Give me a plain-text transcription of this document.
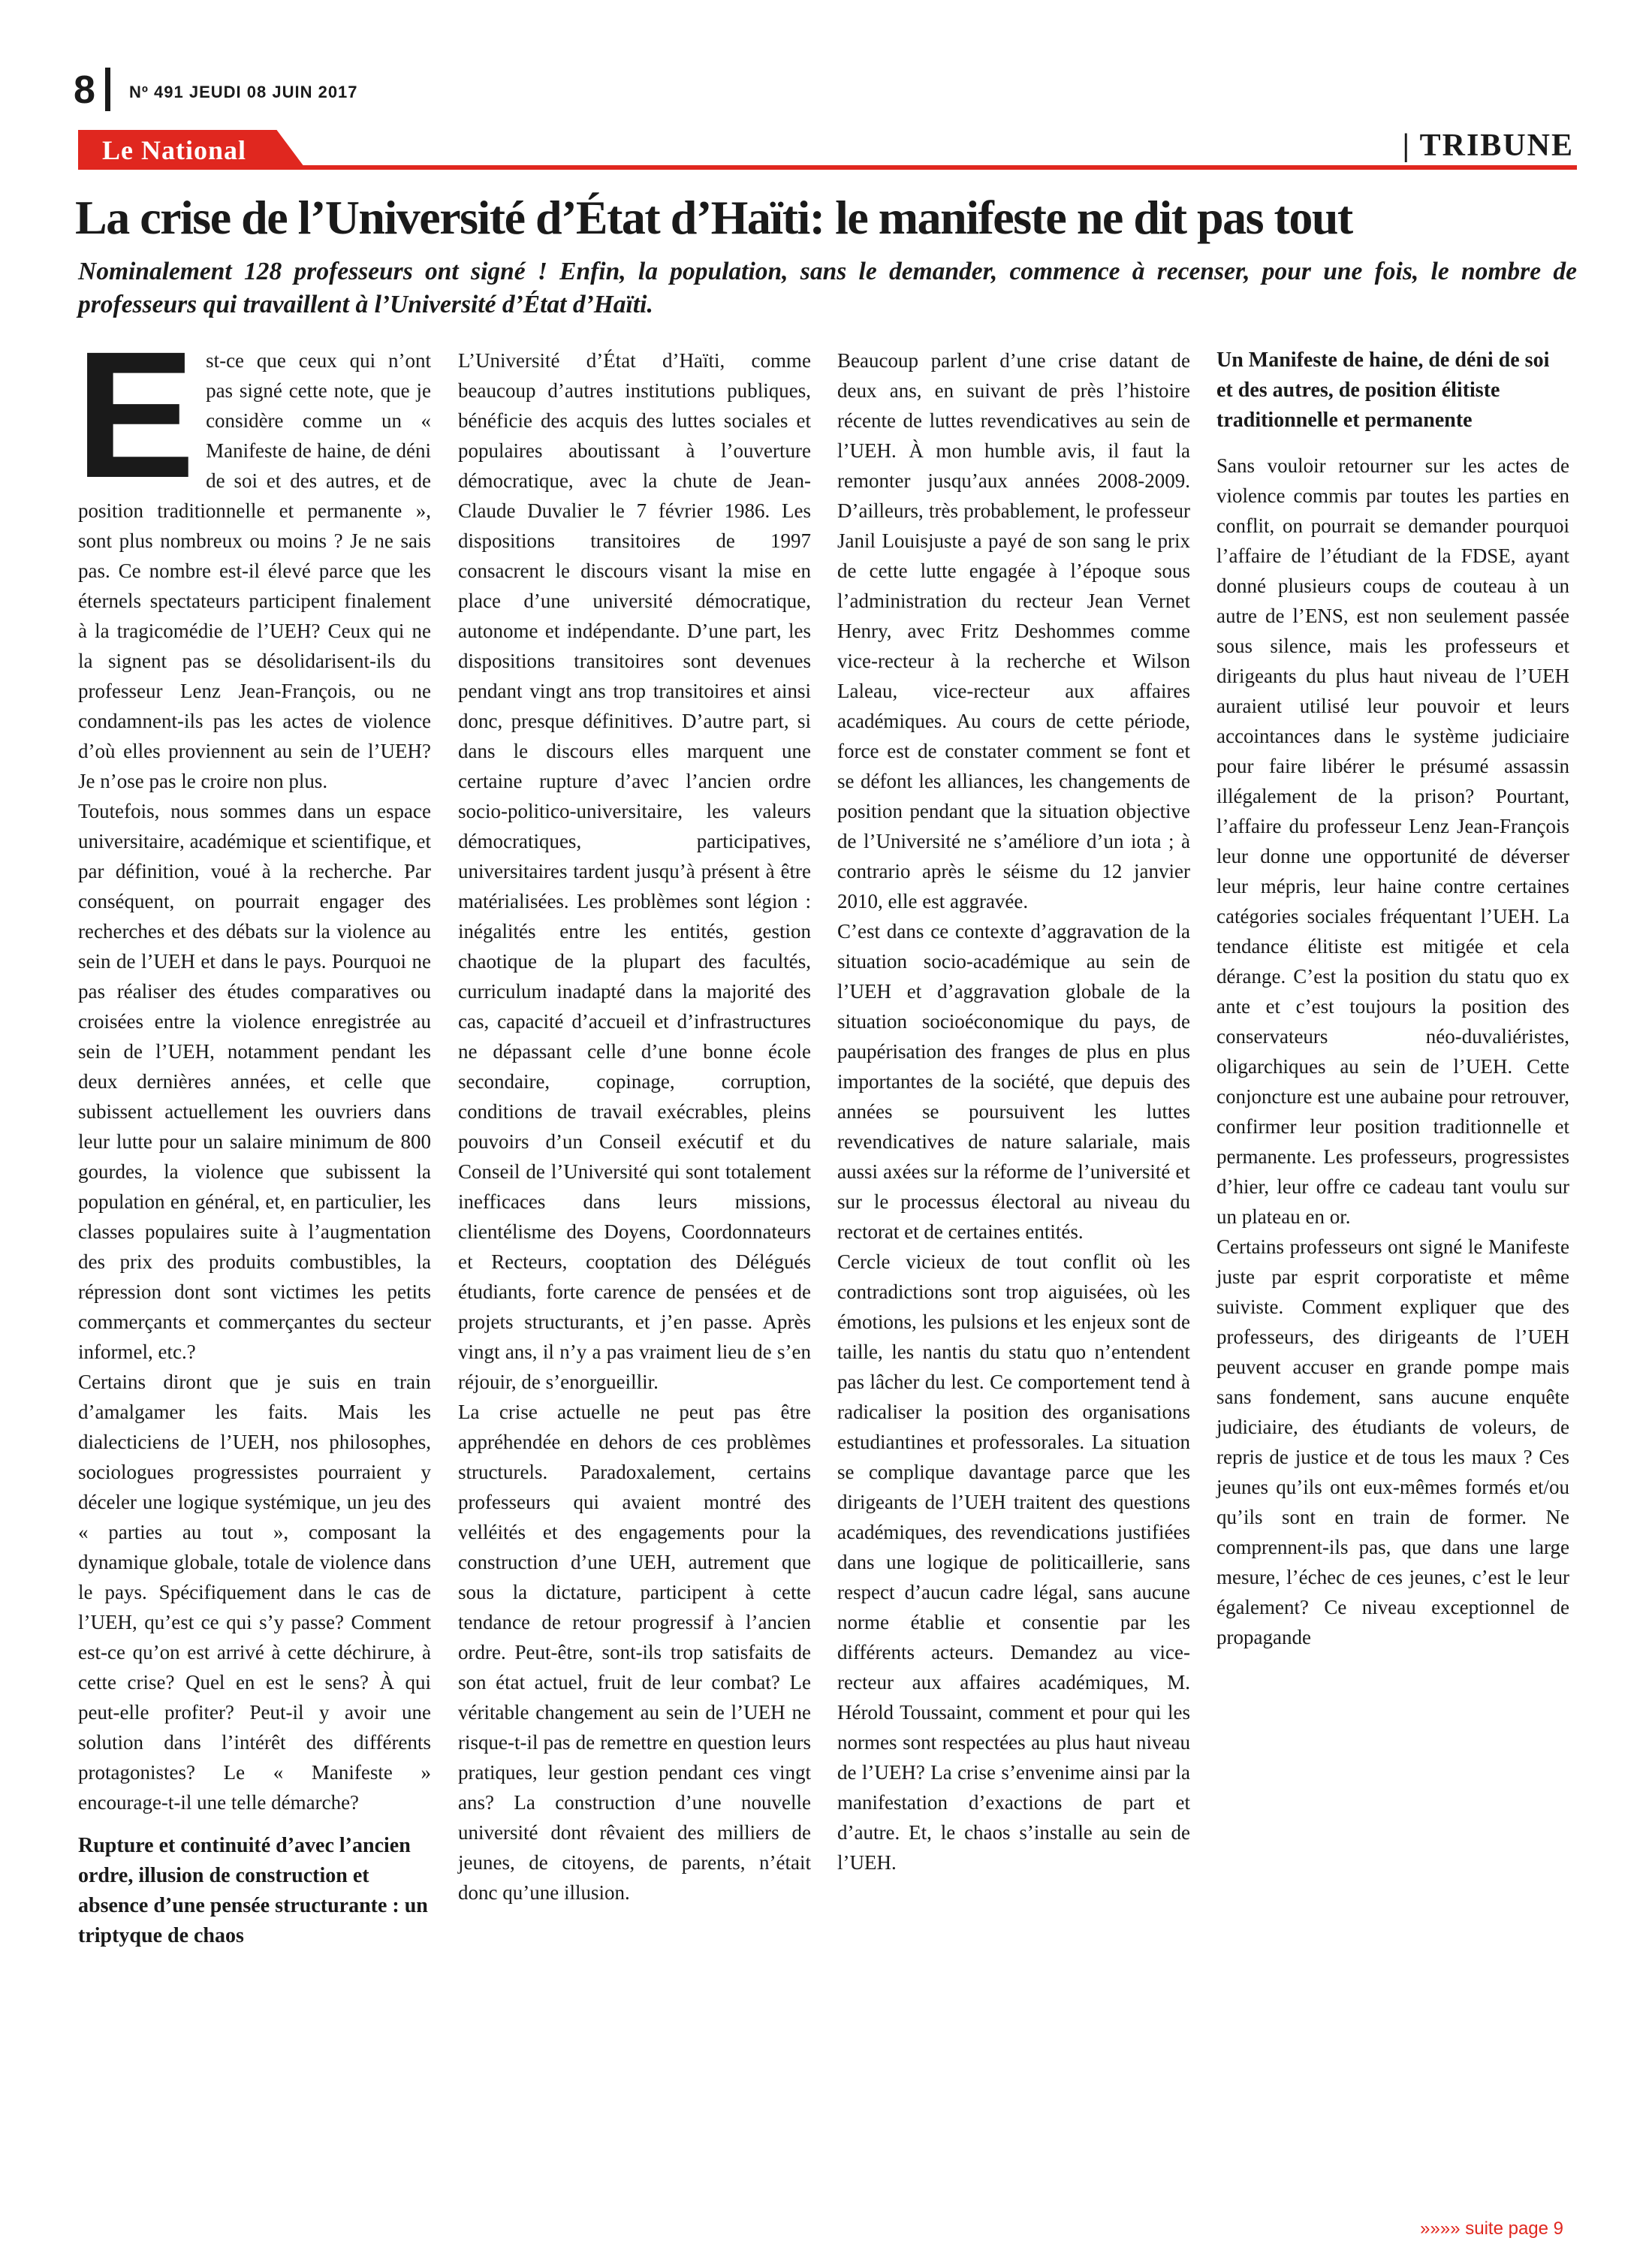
8 Nº 491 JEUDI 08 JUIN 2017
Le National	| TRIBUNE
La crise de l’Université d’État d’Haïti: le manifeste ne dit pas tout

Nominalement 128 professeurs ont signé ! Enfin, la population, sans le demander, commence à recenser, pour une fois, le nombre de professeurs qui travaillent à l’Université d’État d’Haïti.

Est-ce que ceux qui n’ont pas signé cette note, que je considère comme un « Manifeste de haine, de déni de soi et des autres, et de position traditionnelle et permanente », sont plus nombreux ou moins ? Je ne sais pas. Ce nombre est-il élevé parce que les éternels spectateurs participent finalement à la tragicomédie de l’UEH? Ceux qui ne la signent pas se désolidarisent-ils du professeur Lenz Jean-François, ou ne condamnent-ils pas les actes de violence d’où elles proviennent au sein de l’UEH? Je n’ose pas le croire non plus.

Toutefois, nous sommes dans un espace universitaire, académique et scientifique, et par définition, voué à la recherche. Par conséquent, on pourrait engager des recherches et des débats sur la violence au sein de l’UEH et dans le pays. Pourquoi ne pas réaliser des études comparatives ou croisées entre la violence enregistrée au sein de l’UEH, notamment pendant les deux dernières années, et celle que subissent actuellement les ouvriers dans leur lutte pour un salaire minimum de 800 gourdes, la violence que subissent la population en général, et, en particulier, les classes populaires suite à l’augmentation des prix des produits combustibles, la répression dont sont victimes les petits commerçants et commerçantes du secteur informel, etc.?

Certains diront que je suis en train d’amalgamer les faits. Mais les dialecticiens de l’UEH, nos philosophes, sociologues progressistes pourraient y déceler une logique systémique, un jeu des « parties au tout », composant la dynamique globale, totale de violence dans le pays. Spécifiquement dans le cas de l’UEH, qu’est ce qui s’y passe? Comment est-ce qu’on est arrivé à cette déchirure, à cette crise? Quel en est le sens? À qui peut-elle profiter? Peut-il y avoir une solution dans l’intérêt des différents protagonistes? Le « Manifeste » encourage-t-il une telle démarche?

Rupture et continuité d’avec l’ancien ordre, illusion de construction et absence d’une pensée structurante : un triptyque de chaos

L’Université d’État d’Haïti, comme beaucoup d’autres institutions publiques, bénéficie des acquis des luttes sociales et populaires aboutissant à l’ouverture démocratique, avec la chute de Jean-Claude Duvalier le 7 février 1986. Les dispositions transitoires de 1997 consacrent le discours visant la mise en place d’une université démocratique, autonome et indépendante. D’une part, les dispositions transitoires sont devenues pendant vingt ans trop transitoires et ainsi donc, presque définitives. D’autre part, si dans le discours elles marquent une certaine rupture d’avec l’ancien ordre socio-politico-universitaire, les valeurs démocratiques, participatives, universitaires tardent jusqu’à présent à être matérialisées. Les problèmes sont légion : inégalités entre les entités, gestion chaotique de la plupart des facultés, curriculum inadapté dans la majorité des cas, capacité d’accueil et d’infrastructures ne dépassant celle d’une bonne école secondaire, copinage, corruption, conditions de travail exécrables, pleins pouvoirs d’un Conseil exécutif et du Conseil de l’Université qui sont totalement inefficaces dans leurs missions, clientélisme des Doyens, Coordonnateurs et Recteurs, cooptation des Délégués étudiants, forte carence de pensées et de projets structurants, et j’en passe. Après vingt ans, il n’y a pas vraiment lieu de s’en réjouir, de s’enorgueillir.

La crise actuelle ne peut pas être appréhendée en dehors de ces problèmes structurels. Paradoxalement, certains professeurs qui avaient montré des velléités et des engagements pour la construction d’une UEH, autrement que sous la dictature, participent à cette tendance de retour progressif à l’ancien ordre. Peut-être, sont-ils trop satisfaits de son état actuel, fruit de leur combat? Le véritable changement au sein de l’UEH ne risque-t-il pas de remettre en question leurs pratiques, leur gestion pendant ces vingt ans? La construction d’une nouvelle université dont rêvaient des milliers de jeunes, de citoyens, de parents, n’était donc qu’une illusion.

Beaucoup parlent d’une crise datant de deux ans, en suivant de près l’histoire récente de luttes revendicatives au sein de l’UEH. À mon humble avis, il faut la remonter jusqu’aux années 2008-2009. D’ailleurs, très probablement, le professeur Janil Louisjuste a payé de son sang le prix de cette lutte engagée à l’époque sous l’administration du recteur Jean Vernet Henry, avec Fritz Deshommes comme vice-recteur à la recherche et Wilson Laleau, vice-recteur aux affaires académiques. Au cours de cette période, force est de constater comment se font et se défont les alliances, les changements de position pendant que la situation objective de l’Université ne s’améliore d’un iota ; à contrario après le séisme du 12 janvier 2010, elle est aggravée.

C’est dans ce contexte d’aggravation de la situation socio-académique au sein de l’UEH et d’aggravation globale de la situation socioéconomique du pays, de paupérisation des franges de plus en plus importantes de la société, que depuis des années se poursuivent les luttes revendicatives de nature salariale, mais aussi axées sur la réforme de l’université et sur le processus électoral au niveau du rectorat et de certaines entités.

Cercle vicieux de tout conflit où les contradictions sont trop aiguisées, où les émotions, les pulsions et les enjeux sont de taille, les nantis du statu quo n’entendent pas lâcher du lest. Ce comportement tend à radicaliser la position des organisations estudiantines et professorales. La situation se complique davantage parce que les dirigeants de l’UEH traitent des questions académiques, des revendications justifiées dans une logique de politicaillerie, sans respect d’aucun cadre légal, sans aucune norme établie et consentie par les différents acteurs. Demandez au vice-recteur aux affaires académiques, M. Hérold Toussaint, comment et pour qui les normes sont respectées au plus haut niveau de l’UEH? La crise s’envenime ainsi par la manifestation d’exactions de part et d’autre. Et, le chaos s’installe au sein de l’UEH.

Un Manifeste de haine, de déni de soi et des autres, de position élitiste traditionnelle et permanente

Sans vouloir retourner sur les actes de violence commis par toutes les parties en conflit, on pourrait se demander pourquoi l’affaire de l’étudiant de la FDSE, ayant donné plusieurs coups de couteau à un autre de l’ENS, est non seulement passée sous silence, mais les professeurs et dirigeants du plus haut niveau de l’UEH auraient utilisé leur pouvoir et leurs accointances dans le système judiciaire pour faire libérer le présumé assassin illégalement de la prison? Pourtant, l’affaire du professeur Lenz Jean-François leur donne une opportunité de déverser leur mépris, leur haine contre certaines catégories sociales fréquentant l’UEH. La tendance élitiste est mitigée et cela dérange. C’est la position du statu quo ex ante et c’est toujours la position des conservateurs néo-duvaliéristes, oligarchiques au sein de l’UEH. Cette conjoncture est une aubaine pour retrouver, confirmer leur position traditionnelle et permanente. Les professeurs, progressistes d’hier, leur offre ce cadeau tant voulu sur un plateau en or.

Certains professeurs ont signé le Manifeste juste par esprit corporatiste et même suiviste. Comment expliquer que des professeurs, des dirigeants de l’UEH peuvent accuser en grande pompe mais sans fondement, sans aucune enquête judiciaire, des étudiants de voleurs, de repris de justice et de tous les maux ? Ces jeunes qu’ils ont eux-mêmes formés et/ou qu’ils sont en train de former. Ne comprennent-ils pas, que dans une large mesure, l’échec de ces jeunes, c’est le leur également? Ce niveau exceptionnel de propagande

»»»» suite page 9
